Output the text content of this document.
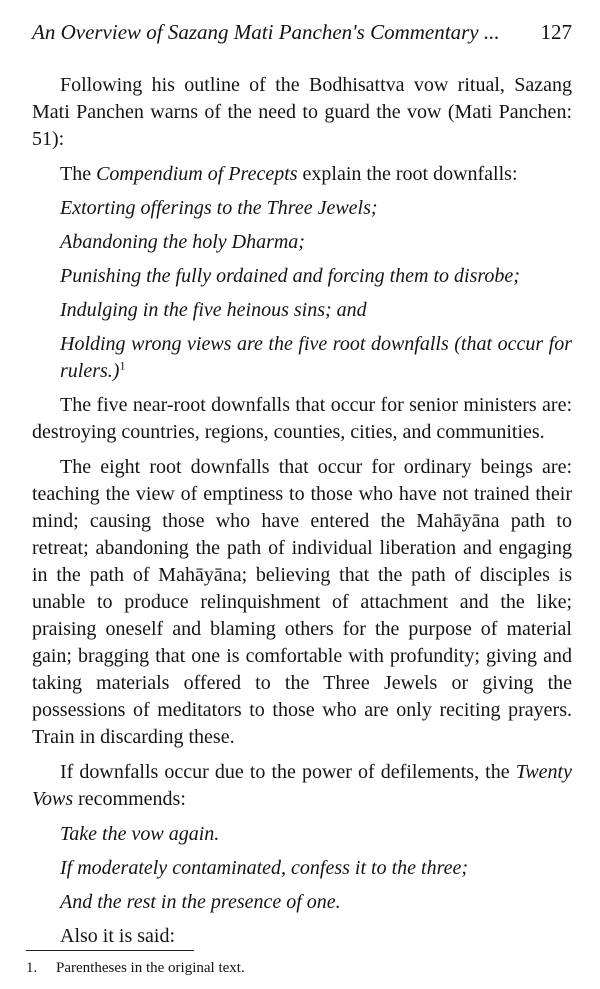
An Overview of Sazang Mati Panchen's Commentary ... 127

Following his outline of the Bodhisattva vow ritual, Sazang Mati Panchen warns of the need to guard the vow (Mati Panchen: 51):

The Compendium of Precepts explain the root downfalls:

Extorting offerings to the Three Jewels;

Abandoning the holy Dharma;

Punishing the fully ordained and forcing them to disrobe;

Indulging in the five heinous sins; and

Holding wrong views are the five root downfalls (that occur for rulers.)$^1$

The five near-root downfalls that occur for senior ministers are: destroying countries, regions, counties, cities, and communities.

The eight root downfalls that occur for ordinary beings are: teaching the view of emptiness to those who have not trained their mind; causing those who have entered the Mahāyāna path to retreat; abandoning the path of individual liberation and engaging in the path of Mahāyāna; believing that the path of disciples is unable to produce relinquishment of attachment and the like; praising oneself and blaming others for the purpose of material gain; bragging that one is comfortable with profundity; giving and taking materials offered to the Three Jewels or giving the possessions of meditators to those who are only reciting prayers. Train in discarding these.

If downfalls occur due to the power of defilements, the Twenty Vows recommends:

Take the vow again.

If moderately contaminated, confess it to the three;

And the rest in the presence of one.

Also it is said:

1. Parentheses in the original text.
